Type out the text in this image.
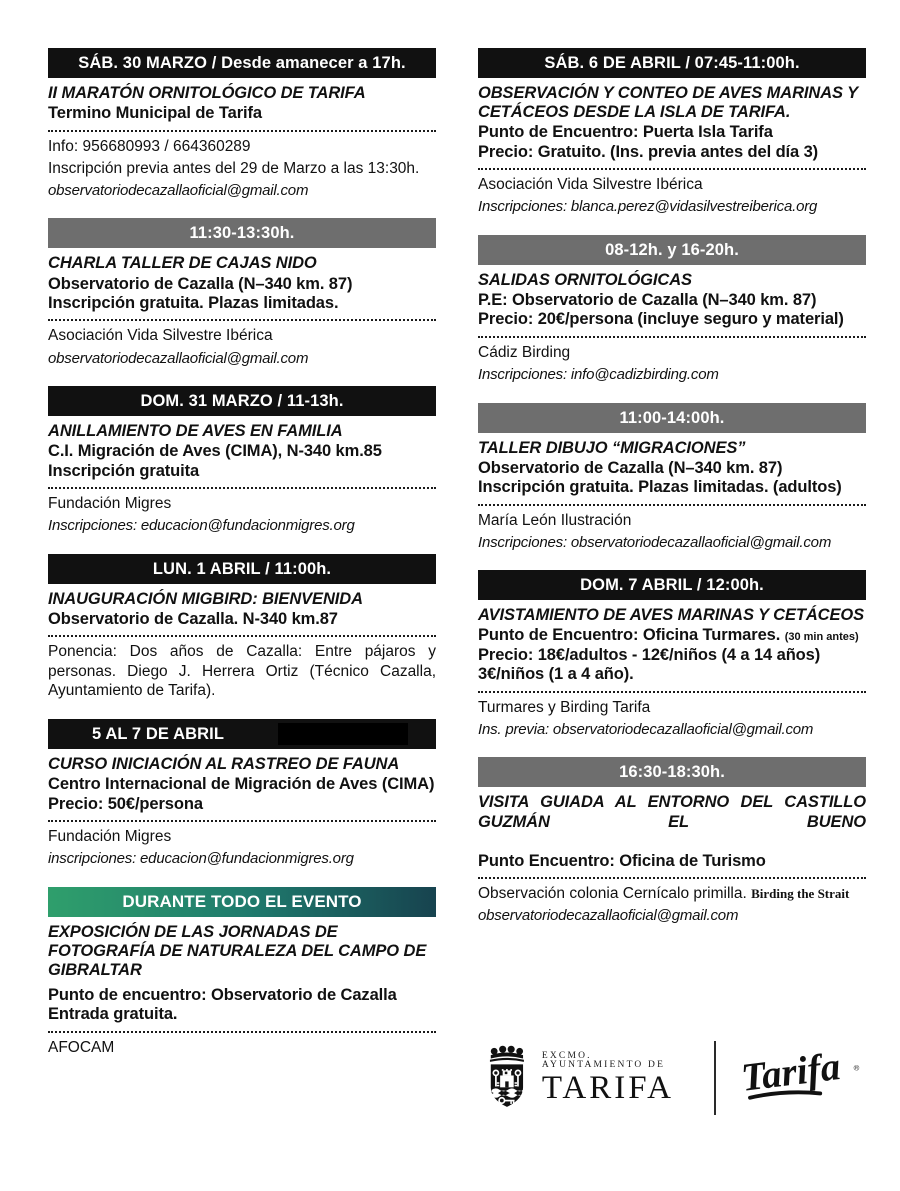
SÁB. 30 MARZO / Desde amanecer a 17h.
II MARATÓN ORNITOLÓGICO DE TARIFA
Termino Municipal de Tarifa
Info: 956680993 / 664360289
Inscripción previa antes del 29 de Marzo a las 13:30h.
observatoriodecazallaoficial@gmail.com
11:30-13:30h.
CHARLA TALLER DE CAJAS NIDO
Observatorio de Cazalla (N–340 km. 87)
Inscripción gratuita. Plazas limitadas.
Asociación Vida Silvestre Ibérica
observatoriodecazallaoficial@gmail.com
DOM. 31 MARZO / 11-13h.
ANILLAMIENTO DE AVES EN FAMILIA
C.I. Migración de Aves (CIMA), N-340 km.85
Inscripción gratuita
Fundación Migres
Inscripciones: educacion@fundacionmigres.org
LUN. 1 ABRIL / 11:00h.
INAUGURACIÓN MIGBIRD: BIENVENIDA
Observatorio de Cazalla. N-340 km.87
Ponencia: Dos años de Cazalla: Entre pájaros y personas. Diego J. Herrera Ortiz (Técnico Cazalla, Ayuntamiento de Tarifa).
5 AL 7 DE ABRIL
CURSO INICIACIÓN AL RASTREO DE FAUNA
Centro Internacional de Migración de Aves (CIMA)
Precio: 50€/persona
Fundación Migres
inscripciones: educacion@fundacionmigres.org
DURANTE TODO EL EVENTO
EXPOSICIÓN DE LAS JORNADAS DE FOTOGRAFÍA DE NATURALEZA DEL CAMPO DE GIBRALTAR
Punto de encuentro: Observatorio de Cazalla
Entrada gratuita.
AFOCAM
SÁB. 6 DE ABRIL / 07:45-11:00h.
OBSERVACIÓN Y CONTEO DE AVES MARINAS Y CETÁCEOS DESDE LA ISLA DE TARIFA.
Punto de Encuentro: Puerta Isla Tarifa
Precio: Gratuito. (Ins. previa antes del día 3)
Asociación Vida Silvestre Ibérica
Inscripciones: blanca.perez@vidasilvestreiberica.org
08-12h. y 16-20h.
SALIDAS ORNITOLÓGICAS
P.E: Observatorio de Cazalla (N–340 km. 87)
Precio: 20€/persona (incluye seguro y material)
Cádiz Birding
Inscripciones: info@cadizbirding.com
11:00-14:00h.
TALLER DIBUJO “MIGRACIONES”
Observatorio de Cazalla (N–340 km. 87)
Inscripción gratuita. Plazas limitadas. (adultos)
María León Ilustración
Inscripciones: observatoriodecazallaoficial@gmail.com
DOM. 7 ABRIL / 12:00h.
AVISTAMIENTO DE AVES MARINAS Y CETÁCEOS
Punto de Encuentro: Oficina Turmares. (30 min antes)
Precio: 18€/adultos - 12€/niños (4 a 14 años)
3€/niños (1 a 4 año).
Turmares y Birding Tarifa
Ins. previa: observatoriodecazallaoficial@gmail.com
16:30-18:30h.
VISITA GUIADA AL ENTORNO DEL CASTILLO GUZMÁN EL BUENO
Punto Encuentro: Oficina de Turismo
Observación colonia Cernícalo primilla. Birding the Strait
observatoriodecazallaoficial@gmail.com
EXCMO. AYUNTAMIENTO DE
TARIFA	Tarifa ®
